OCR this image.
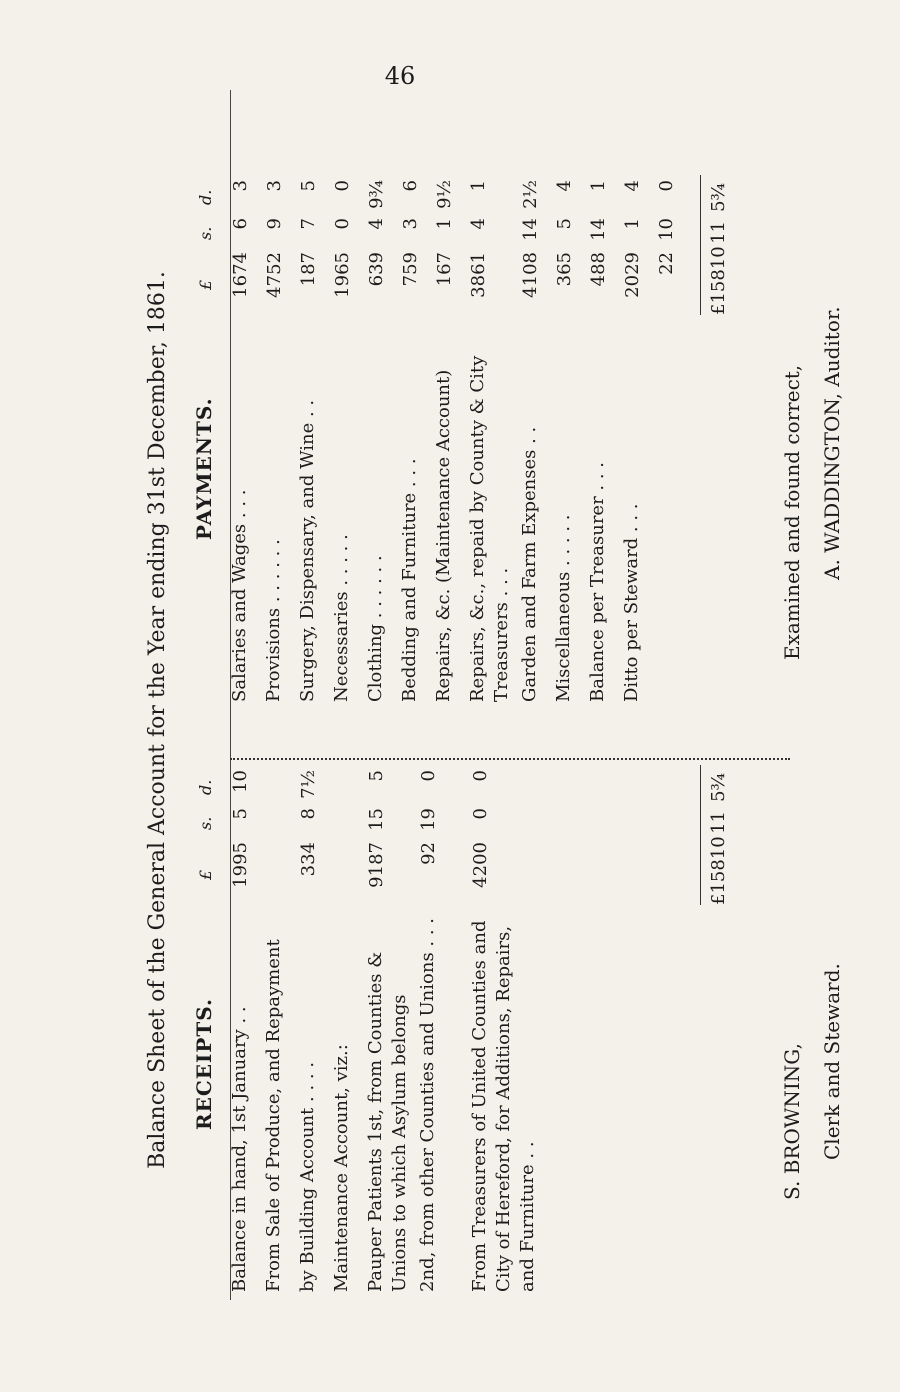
46
Balance Sheet of the General Account for the Year ending 31st December, 1861.	RECEIPTS.
£
s.
d.
Balance in hand, 1st January . .
1995
5
10
From Sale of Produce, and Repayment by Building Account . . . .
334
8
7½
Maintenance Account, viz.: Pauper Patients 1st, from Counties & Unions to which Asylum belongs
9187
15
5
2nd, from other Counties and Unions . . .
92
19
0
From Treasurers of United Counties and City of Hereford, for Additions, Repairs, and Furniture . .
4200
0
0
£15810
11
5¾
PAYMENTS.
£
s.
d.
Salaries and Wages . . .
1674
6
3
Provisions . . . . . .
4752
9
3
Surgery, Dispensary, and Wine . .
187
7
5
Necessaries . . . . .
1965
0
0
Clothing . . . . . .
639
4
9¾
Bedding and Furniture . . .
759
3
6
Repairs, &c. (Maintenance Account)
167
1
9½
Repairs, &c., repaid by County & City Treasurers . . .
3861
4
1
Garden and Farm Expenses . .
4108
14
2½
Miscellaneous . . . . .
365
5
4
Balance per Treasurer . . .
488
14
1
Ditto per Steward . . .
2029
1
4
22
10
0
£15810
11
5¾
S. BROWNING, Clerk and Steward.
Examined and found correct, A. WADDINGTON, Auditor.
